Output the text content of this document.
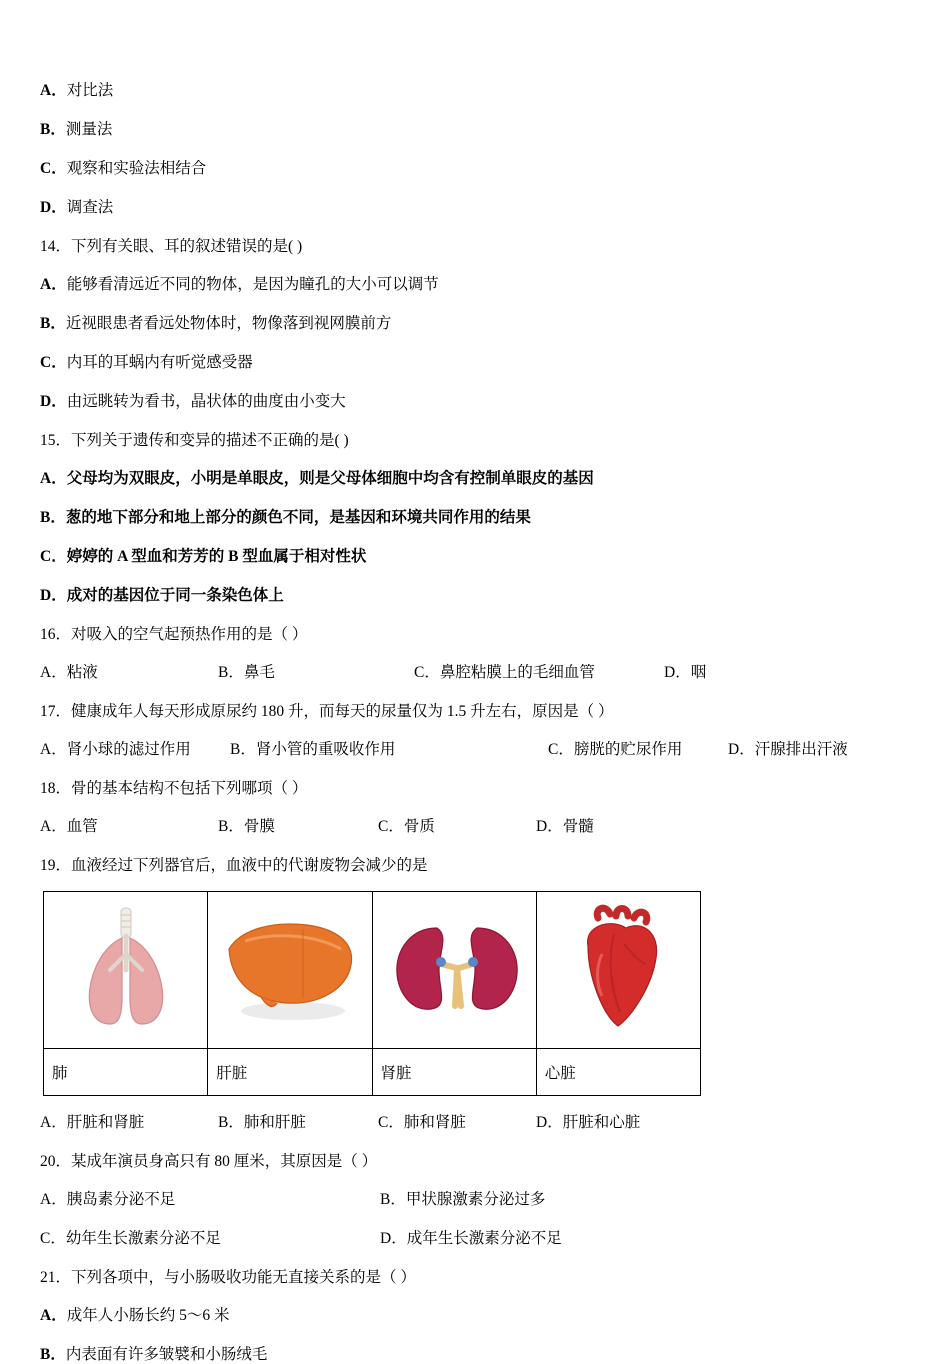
A．对比法
B．测量法
C．观察和实验法相结合
D．调查法
14．下列有关眼、耳的叙述错误的是( )
A．能够看清远近不同的物体，是因为瞳孔的大小可以调节
B．近视眼患者看远处物体时，物像落到视网膜前方
C．内耳的耳蜗内有听觉感受器
D．由远眺转为看书，晶状体的曲度由小变大
15．下列关于遗传和变异的描述不正确的是( )
A．父母均为双眼皮，小明是单眼皮，则是父母体细胞中均含有控制单眼皮的基因
B．葱的地下部分和地上部分的颜色不同，是基因和环境共同作用的结果
C．婷婷的 A 型血和芳芳的 B 型血属于相对性状
D．成对的基因位于同一条染色体上
16．对吸入的空气起预热作用的是（ ）
A．粘液	B．鼻毛	C．鼻腔粘膜上的毛细血管	D．咽
17．健康成年人每天形成原尿约 180 升，而每天的尿量仅为 1.5 升左右，原因是（ ）
A．肾小球的滤过作用	B．肾小管的重吸收作用	C．膀胱的贮尿作用	D．汗腺排出汗液
18．骨的基本结构不包括下列哪项（ ）
A．血管	B．骨膜	C．骨质	D．骨髓
19．血液经过下列器官后，血液中的代谢废物会减少的是

肺	肝脏	肾脏	心脏
A．肝脏和肾脏	B．肺和肝脏	C．肺和肾脏	D．肝脏和心脏
20．某成年演员身高只有 80 厘米，其原因是（ ）
A．胰岛素分泌不足	B．甲状腺激素分泌过多
C．幼年生长激素分泌不足	D．成年生长激素分泌不足
21．下列各项中，与小肠吸收功能无直接关系的是（ ）
A．成年人小肠长约 5～6 米
B．内表面有许多皱襞和小肠绒毛
